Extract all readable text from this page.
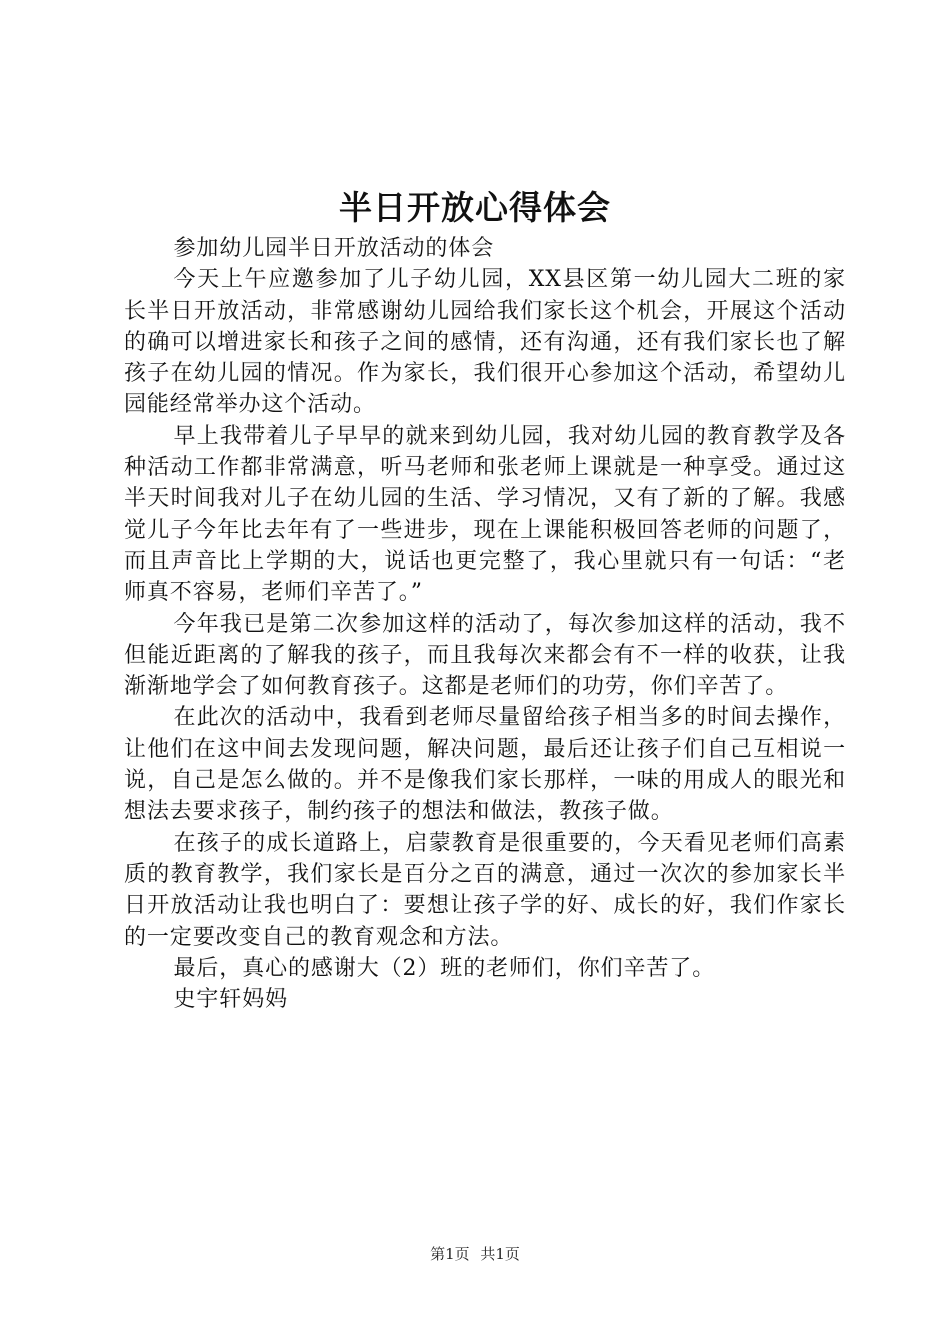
半日开放心得体会

参加幼儿园半日开放活动的体会

今天上午应邀参加了儿子幼儿园，XX县区第一幼儿园大二班的家长半日开放活动，非常感谢幼儿园给我们家长这个机会，开展这个活动的确可以增进家长和孩子之间的感情，还有沟通，还有我们家长也了解孩子在幼儿园的情况。作为家长，我们很开心参加这个活动，希望幼儿园能经常举办这个活动。

早上我带着儿子早早的就来到幼儿园，我对幼儿园的教育教学及各种活动工作都非常满意，听马老师和张老师上课就是一种享受。通过这半天时间我对儿子在幼儿园的生活、学习情况，又有了新的了解。我感觉儿子今年比去年有了一些进步，现在上课能积极回答老师的问题了，而且声音比上学期的大，说话也更完整了，我心里就只有一句话：“老师真不容易，老师们辛苦了。”

今年我已是第二次参加这样的活动了，每次参加这样的活动，我不但能近距离的了解我的孩子，而且我每次来都会有不一样的收获，让我渐渐地学会了如何教育孩子。这都是老师们的功劳，你们辛苦了。

在此次的活动中，我看到老师尽量留给孩子相当多的时间去操作，让他们在这中间去发现问题，解决问题，最后还让孩子们自己互相说一说，自己是怎么做的。并不是像我们家长那样，一味的用成人的眼光和想法去要求孩子，制约孩子的想法和做法，教孩子做。

在孩子的成长道路上，启蒙教育是很重要的，今天看见老师们高素质的教育教学，我们家长是百分之百的满意，通过一次次的参加家长半日开放活动让我也明白了：要想让孩子学的好、成长的好，我们作家长的一定要改变自己的教育观念和方法。

最后，真心的感谢大（2）班的老师们，你们辛苦了。

史宇轩妈妈

第1页 共1页
